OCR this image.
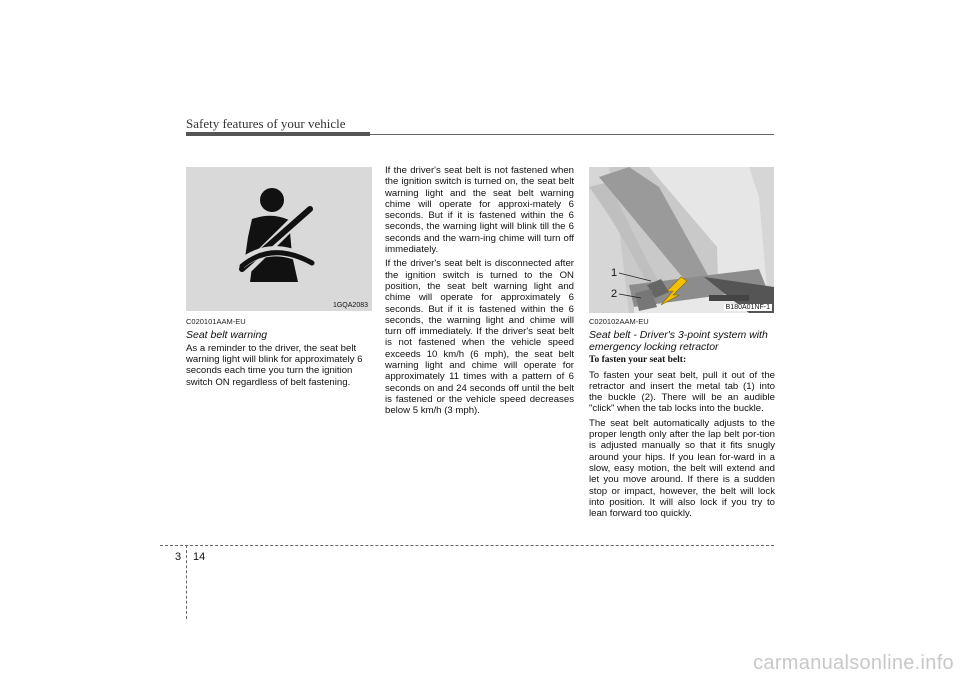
Safety features of your vehicle
1GQA2083
C020101AAM-EU
Seat belt warning

As a reminder to the driver, the seat belt warning light will blink for approximately 6 seconds each time you turn the ignition switch ON regardless of belt fastening.

If the driver's seat belt is not fastened when the ignition switch is turned on, the seat belt warning light and the seat belt warning chime will operate for approxi-mately 6 seconds. But if it is fastened within the 6 seconds, the warning light will blink till the 6 seconds and the warn-ing chime will turn off immediately.

If the driver's seat belt is disconnected after the ignition switch is turned to the ON position, the seat belt warning light and chime will operate for approximately 6 seconds. But if it is fastened within the 6 seconds, the warning light and chime will turn off immediately. If the driver's seat belt is not fastened when the vehicle speed exceeds 10 km/h (6 mph), the seat belt warning light and chime will operate for approximately 11 times with a pattern of 6 seconds on and 24 seconds off until the belt is fastened or the vehicle speed decreases below 5 km/h (3 mph).

1
2
B180A01NF-1
C020102AAM-EU
Seat belt - Driver's 3-point system with emergency locking retractor
To fasten your seat belt:

To fasten your seat belt, pull it out of the retractor and insert the metal tab (1) into the buckle (2). There will be an audible "click" when the tab locks into the buckle.

The seat belt automatically adjusts to the proper length only after the lap belt por-tion is adjusted manually so that it fits snugly around your hips. If you lean for-ward in a slow, easy motion, the belt will extend and let you move around. If there is a sudden stop or impact, however, the belt will lock into position. It will also lock if you try to lean forward too quickly.

3 14
carmanualsonline.info
